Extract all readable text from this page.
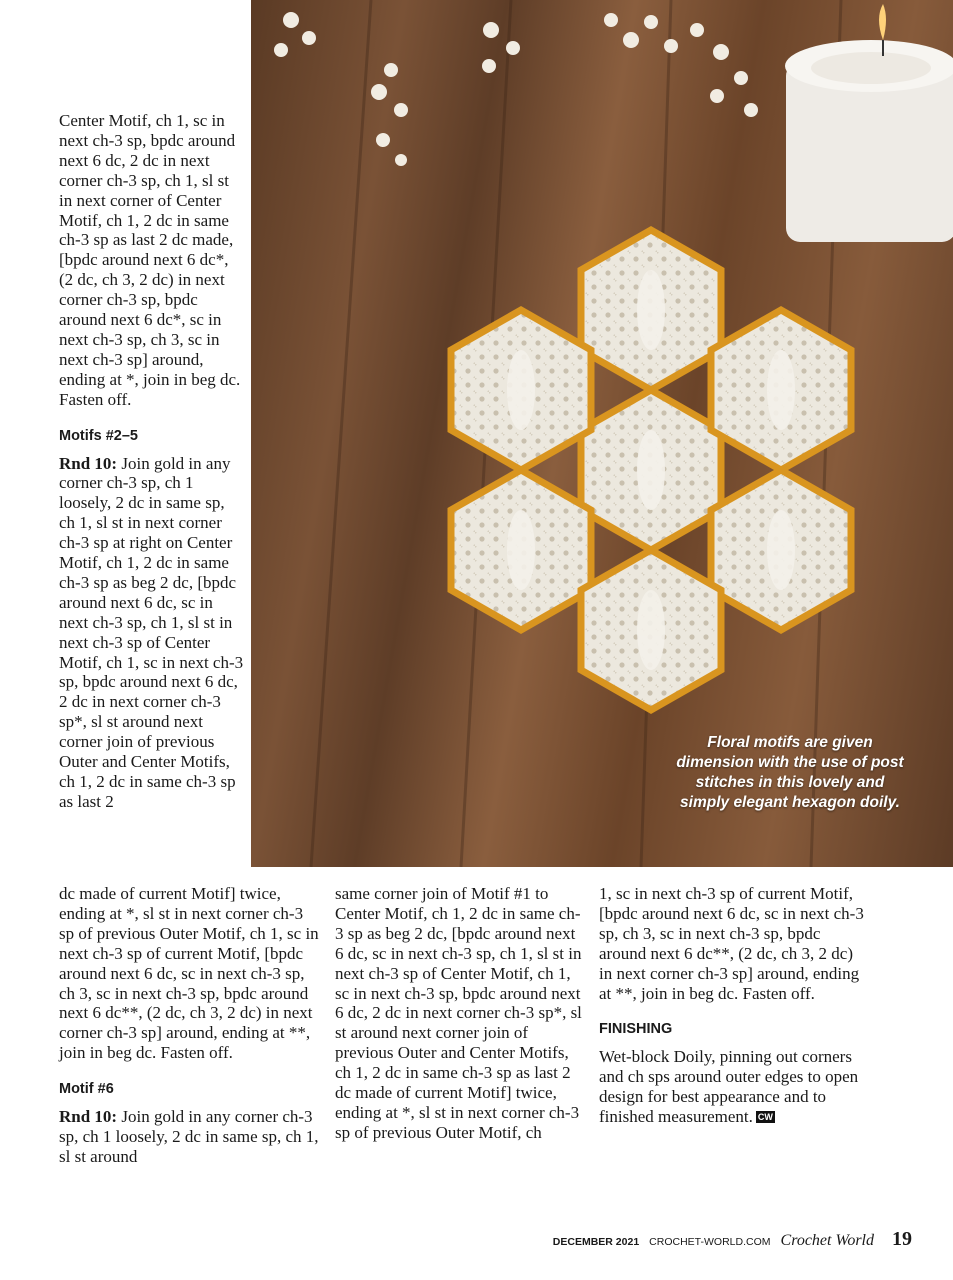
Floral motifs are given dimension with the use of post stitches in this lovely and simply elegant hexagon doily.

Center Motif, ch 1, sc in next ch-3 sp, bpdc around next 6 dc, 2 dc in next corner ch-3 sp, ch 1, sl st in next corner of Center Motif, ch 1, 2 dc in same ch-3 sp as last 2 dc made, [bpdc around next 6 dc*, (2 dc, ch 3, 2 dc) in next corner ch-3 sp, bpdc around next 6 dc*, sc in next ch-3 sp, ch 3, sc in next ch-3 sp] around, ending at *, join in beg dc. Fasten off.

Motifs #2–5

Rnd 10: Join gold in any corner ch-3 sp, ch 1 loosely, 2 dc in same sp, ch 1, sl st in next corner ch-3 sp at right on Center Motif, ch 1, 2 dc in same ch-3 sp as beg 2 dc, [bpdc around next 6 dc, sc in next ch-3 sp, ch 1, sl st in next ch-3 sp of Center Motif, ch 1, sc in next ch-3 sp, bpdc around next 6 dc, 2 dc in next corner ch-3 sp*, sl st around next corner join of previous Outer and Center Motifs, ch 1, 2 dc in same ch-3 sp as last 2

dc made of current Motif] twice, ending at *, sl st in next corner ch-3 sp of previous Outer Motif, ch 1, sc in next ch-3 sp of current Motif, [bpdc around next 6 dc, sc in next ch-3 sp, ch 3, sc in next ch-3 sp, bpdc around next 6 dc**, (2 dc, ch 3, 2 dc) in next corner ch-3 sp] around, ending at **, join in beg dc. Fasten off.

Motif #6

Rnd 10: Join gold in any corner ch-3 sp, ch 1 loosely, 2 dc in same sp, ch 1, sl st around

same corner join of Motif #1 to Center Motif, ch 1, 2 dc in same ch-3 sp as beg 2 dc, [bpdc around next 6 dc, sc in next ch-3 sp, ch 1, sl st in next ch-3 sp of Center Motif, ch 1, sc in next ch-3 sp, bpdc around next 6 dc, 2 dc in next corner ch-3 sp*, sl st around next corner join of previous Outer and Center Motifs, ch 1, 2 dc in same ch-3 sp as last 2 dc made of current Motif] twice, ending at *, sl st in next corner ch-3 sp of previous Outer Motif, ch

1, sc in next ch-3 sp of current Motif, [bpdc around next 6 dc, sc in next ch-3 sp, ch 3, sc in next ch-3 sp, bpdc around next 6 dc**, (2 dc, ch 3, 2 dc) in next corner ch-3 sp] around, ending at **, join in beg dc. Fasten off.

FINISHING

Wet-block Doily, pinning out corners and ch sps around outer edges to open design for best appearance and to finished measurement. CW

DECEMBER 2021 CROCHET-WORLD.COM Crochet World 19
